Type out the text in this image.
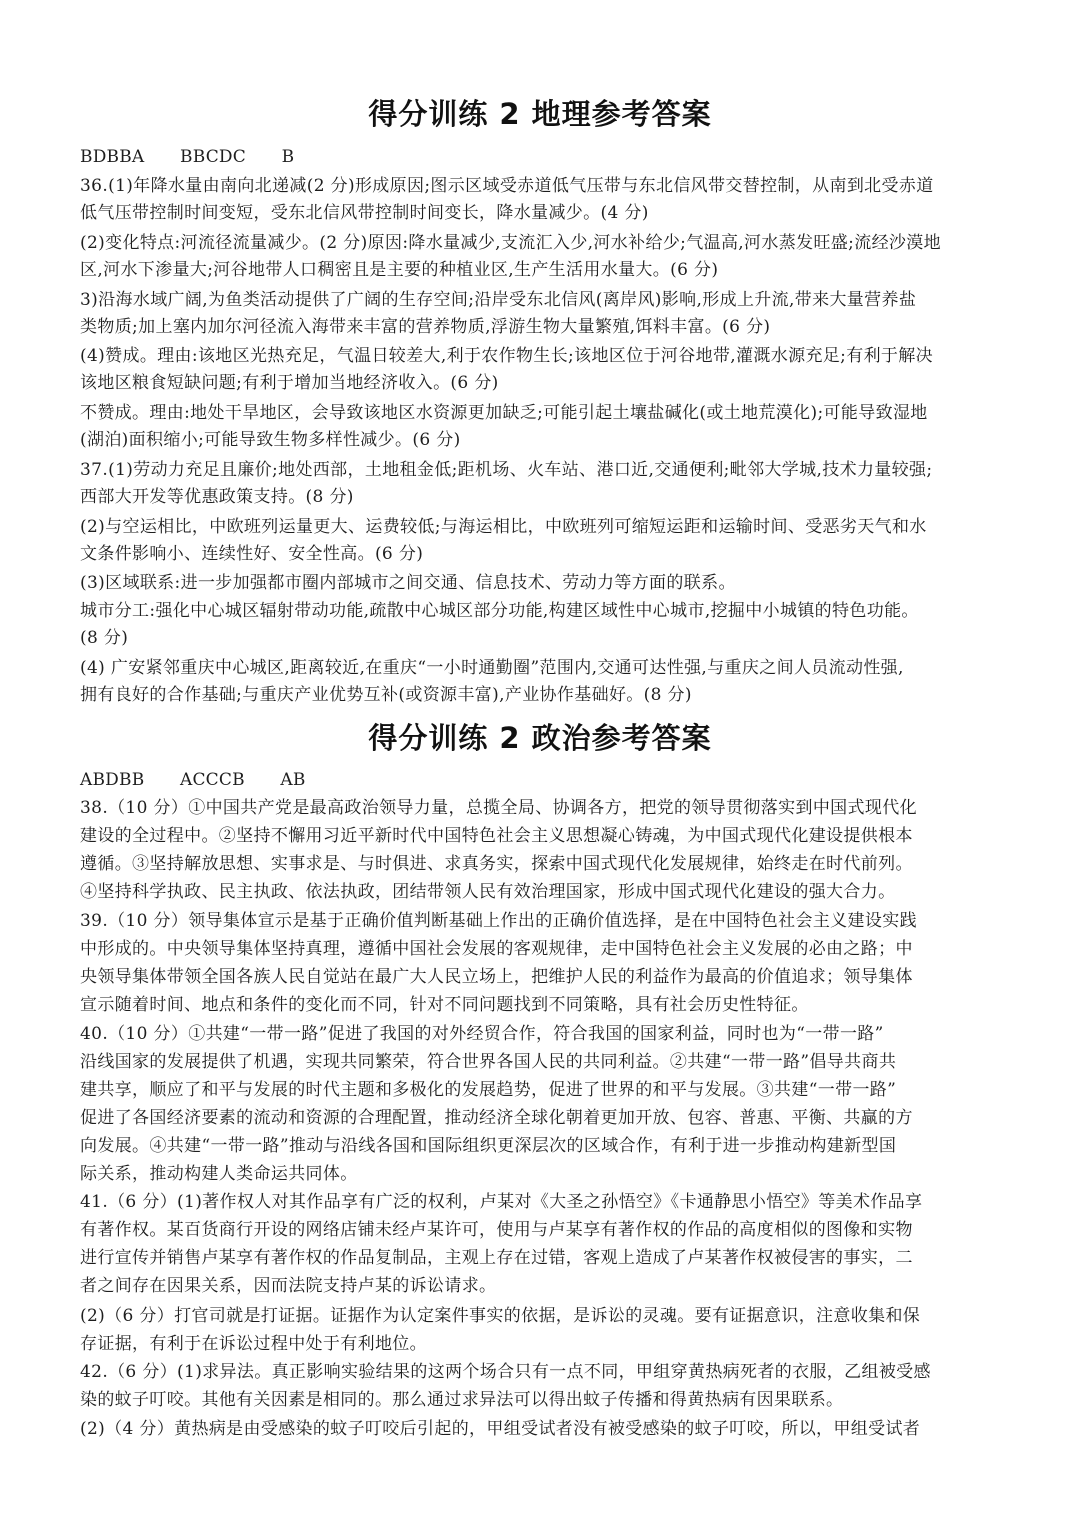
得分训练 2 地理参考答案
BDBBA BBCDC B
36.(1)年降水量由南向北递减(2 分)形成原因;图示区域受赤道低气压带与东北信风带交替控制，从南到北受赤道
低气压带控制时间变短，受东北信风带控制时间变长，降水量减少。(4 分)
(2)变化特点:河流径流量减少。(2 分)原因:降水量减少,支流汇入少,河水补给少;气温高,河水蒸发旺盛;流经沙漠地
区,河水下渗量大;河谷地带人口稠密且是主要的种植业区,生产生活用水量大。(6 分)
3)沿海水域广阔,为鱼类活动提供了广阔的生存空间;沿岸受东北信风(离岸风)影响,形成上升流,带来大量营养盐
类物质;加上塞内加尔河径流入海带来丰富的营养物质,浮游生物大量繁殖,饵料丰富。(6 分)
(4)赞成。理由:该地区光热充足，气温日较差大,利于农作物生长;该地区位于河谷地带,灌溉水源充足;有利于解决
该地区粮食短缺问题;有利于增加当地经济收入。(6 分)
不赞成。理由:地处干旱地区，会导致该地区水资源更加缺乏;可能引起土壤盐碱化(或土地荒漠化);可能导致湿地
(湖泊)面积缩小;可能导致生物多样性减少。(6 分)
37.(1)劳动力充足且廉价;地处西部，土地租金低;距机场、火车站、港口近,交通便利;毗邻大学城,技术力量较强;
西部大开发等优惠政策支持。(8 分)
(2)与空运相比，中欧班列运量更大、运费较低;与海运相比，中欧班列可缩短运距和运输时间、受恶劣天气和水
文条件影响小、连续性好、安全性高。(6 分)
(3)区域联系:进一步加强都市圈内部城市之间交通、信息技术、劳动力等方面的联系。
城市分工:强化中心城区辐射带动功能,疏散中心城区部分功能,构建区域性中心城市,挖掘中小城镇的特色功能。
(8 分)
(4) 广安紧邻重庆中心城区,距离较近,在重庆“一小时通勤圈”范围内,交通可达性强,与重庆之间人员流动性强,
拥有良好的合作基础;与重庆产业优势互补(或资源丰富),产业协作基础好。(8 分)
得分训练 2 政治参考答案
ABDBB ACCCB AB
38.（10 分）①中国共产党是最高政治领导力量，总揽全局、协调各方，把党的领导贯彻落实到中国式现代化
建设的全过程中。②坚持不懈用习近平新时代中国特色社会主义思想凝心铸魂，为中国式现代化建设提供根本
遵循。③坚持解放思想、实事求是、与时俱进、求真务实，探索中国式现代化发展规律，始终走在时代前列。
④坚持科学执政、民主执政、依法执政，团结带领人民有效治理国家，形成中国式现代化建设的强大合力。
39.（10 分）领导集体宣示是基于正确价值判断基础上作出的正确价值选择，是在中国特色社会主义建设实践
中形成的。中央领导集体坚持真理，遵循中国社会发展的客观规律，走中国特色社会主义发展的必由之路；中
央领导集体带领全国各族人民自觉站在最广大人民立场上，把维护人民的利益作为最高的价值追求；领导集体
宣示随着时间、地点和条件的变化而不同，针对不同问题找到不同策略，具有社会历史性特征。
40.（10 分）①共建“一带一路”促进了我国的对外经贸合作，符合我国的国家利益，同时也为“一带一路”
沿线国家的发展提供了机遇，实现共同繁荣，符合世界各国人民的共同利益。②共建“一带一路”倡导共商共
建共享，顺应了和平与发展的时代主题和多极化的发展趋势，促进了世界的和平与发展。③共建“一带一路”
促进了各国经济要素的流动和资源的合理配置，推动经济全球化朝着更加开放、包容、普惠、平衡、共赢的方
向发展。④共建“一带一路”推动与沿线各国和国际组织更深层次的区域合作，有利于进一步推动构建新型国
际关系，推动构建人类命运共同体。
41.（6 分）(1)著作权人对其作品享有广泛的权利，卢某对《大圣之孙悟空》《卡通静思小悟空》等美术作品享
有著作权。某百货商行开设的网络店铺未经卢某许可，使用与卢某享有著作权的作品的高度相似的图像和实物
进行宣传并销售卢某享有著作权的作品复制品，主观上存在过错，客观上造成了卢某著作权被侵害的事实，二
者之间存在因果关系，因而法院支持卢某的诉讼请求。
(2)（6 分）打官司就是打证据。证据作为认定案件事实的依据，是诉讼的灵魂。要有证据意识，注意收集和保
存证据，有利于在诉讼过程中处于有利地位。
42.（6 分）(1)求异法。真正影响实验结果的这两个场合只有一点不同，甲组穿黄热病死者的衣服，乙组被受感
染的蚊子叮咬。其他有关因素是相同的。那么通过求异法可以得出蚊子传播和得黄热病有因果联系。
(2)（4 分）黄热病是由受感染的蚊子叮咬后引起的，甲组受试者没有被受感染的蚊子叮咬，所以，甲组受试者
